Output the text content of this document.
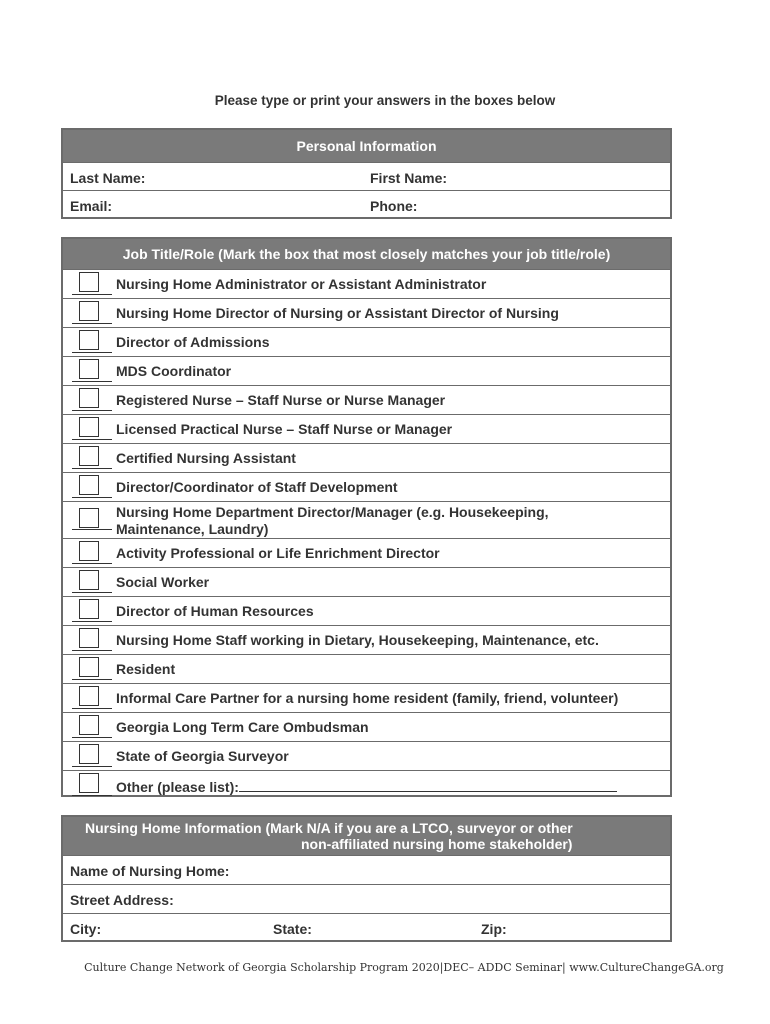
Please type or print your answers in the boxes below
Personal Information
Last Name:	First Name:
Email:	Phone:
Job Title/Role (Mark the box that most closely matches your job title/role)
Nursing Home Administrator or Assistant Administrator
Nursing Home Director of Nursing or Assistant Director of Nursing
Director of Admissions
MDS Coordinator
Registered Nurse – Staff Nurse or Nurse Manager
Licensed Practical Nurse – Staff Nurse or Manager
Certified Nursing Assistant
Director/Coordinator of Staff Development
Nursing Home Department Director/Manager (e.g. Housekeeping, Maintenance, Laundry)
Activity Professional or Life Enrichment Director
Social Worker
Director of Human Resources
Nursing Home Staff working in Dietary, Housekeeping, Maintenance, etc.
Resident
Informal Care Partner for a nursing home resident (family, friend, volunteer)
Georgia Long Term Care Ombudsman
State of Georgia Surveyor
Other (please list):
Nursing Home Information (Mark N/A if you are a LTCO, surveyor or other
non-affiliated nursing home stakeholder)
Name of Nursing Home:
Street Address:
City:	State:	Zip:
Culture Change Network of Georgia Scholarship Program 2020|DEC– ADDC Seminar| www.CultureChangeGA.org
